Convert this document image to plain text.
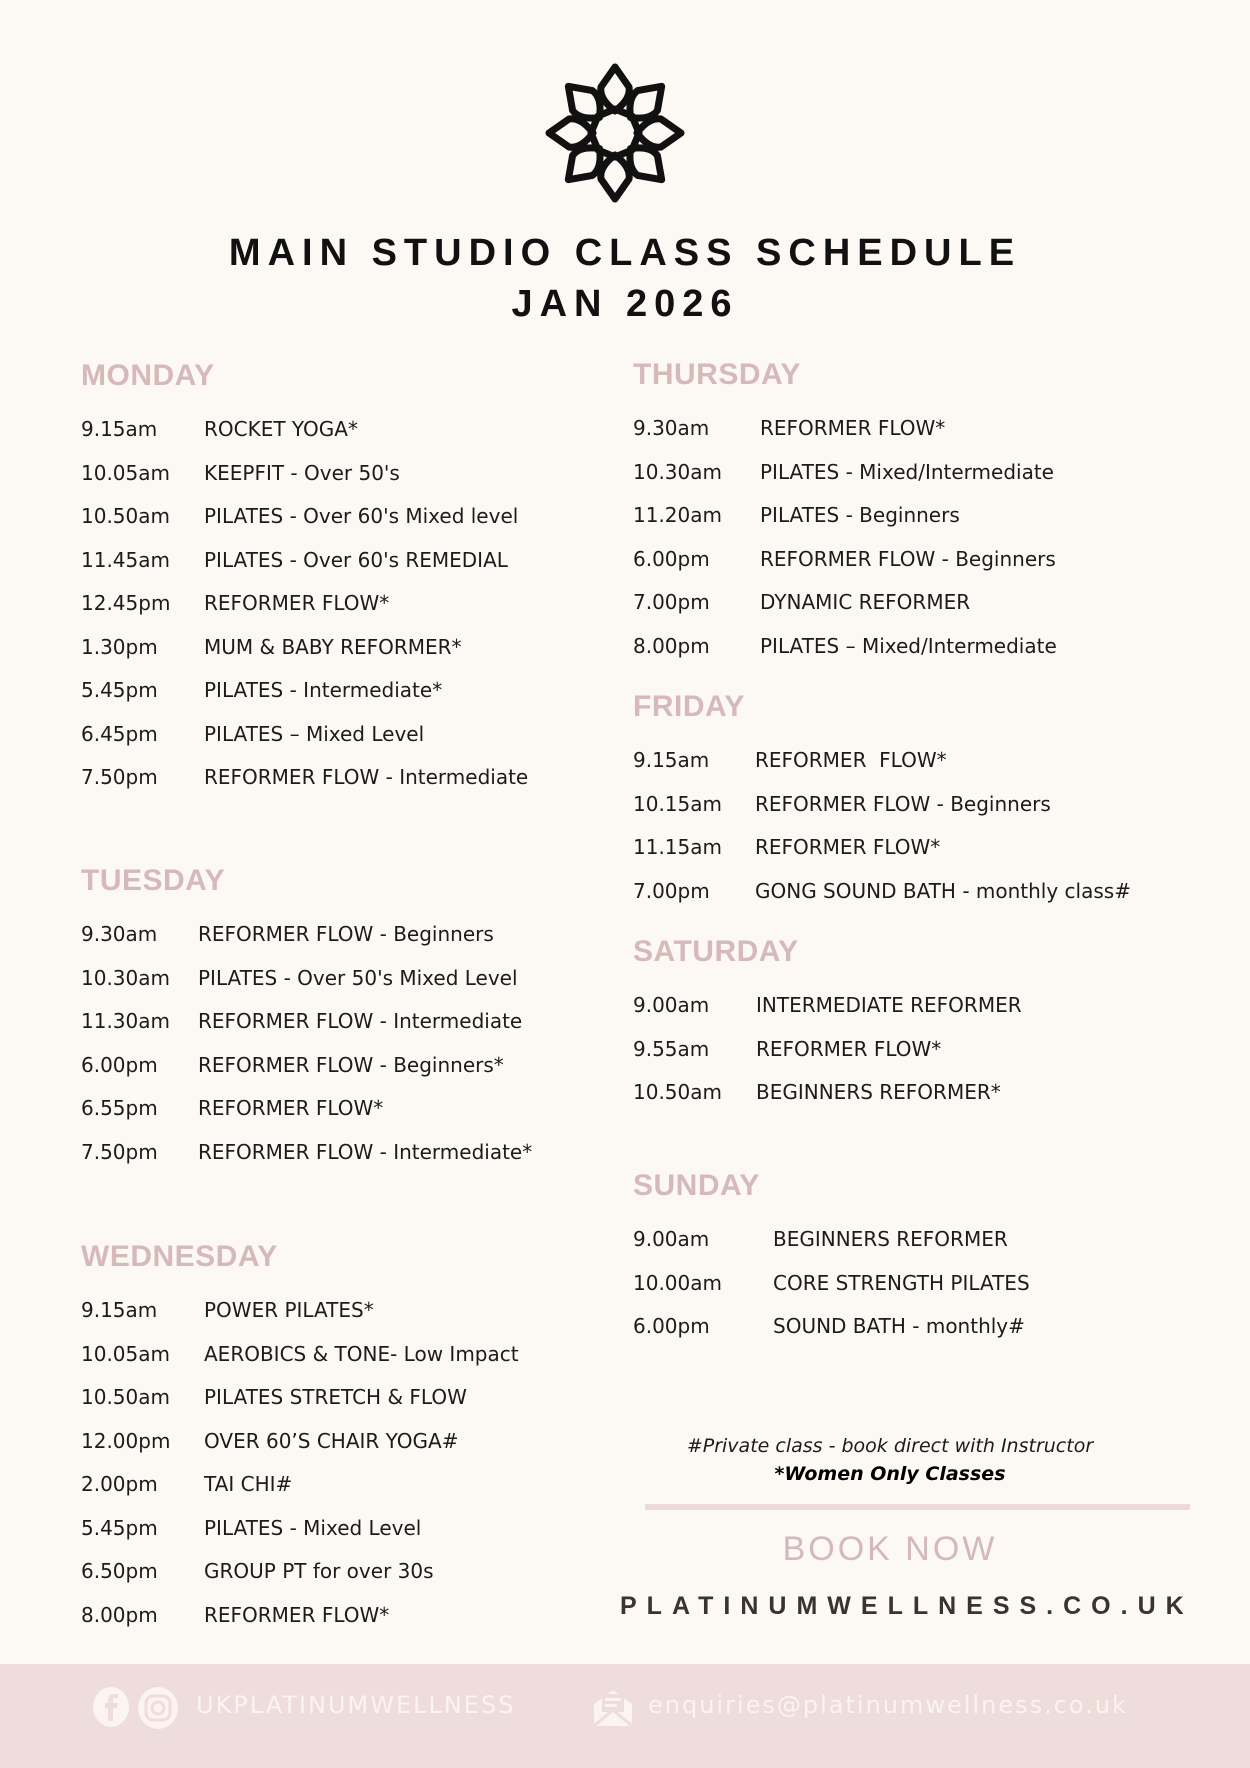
MAIN STUDIO CLASS SCHEDULE
JAN 2026
MONDAY
9.15am	ROCKET YOGA*
10.05am	KEEPFIT - Over 50's
10.50am	PILATES - Over 60's Mixed level
11.45am	PILATES - Over 60's REMEDIAL
12.45pm	REFORMER FLOW*
1.30pm	MUM & BABY REFORMER*
5.45pm	PILATES - Intermediate*
6.45pm	PILATES – Mixed Level
7.50pm	REFORMER FLOW - Intermediate
TUESDAY
9.30am	REFORMER FLOW - Beginners
10.30am	PILATES - Over 50's Mixed Level
11.30am	REFORMER FLOW - Intermediate
6.00pm	REFORMER FLOW - Beginners*
6.55pm	REFORMER FLOW*
7.50pm	REFORMER FLOW - Intermediate*
WEDNESDAY
9.15am	POWER PILATES*
10.05am	AEROBICS & TONE- Low Impact
10.50am	PILATES STRETCH & FLOW
12.00pm	OVER 60’S CHAIR YOGA#
2.00pm	TAI CHI#
5.45pm	PILATES - Mixed Level
6.50pm	GROUP PT for over 30s
8.00pm	REFORMER FLOW*
THURSDAY
9.30am	REFORMER FLOW*
10.30am	PILATES - Mixed/Intermediate
11.20am	PILATES - Beginners
6.00pm	REFORMER FLOW - Beginners
7.00pm	DYNAMIC REFORMER
8.00pm	PILATES – Mixed/Intermediate
FRIDAY
9.15am	REFORMER  FLOW*
10.15am	REFORMER FLOW - Beginners
11.15am	REFORMER FLOW*
7.00pm	GONG SOUND BATH - monthly class#
SATURDAY
9.00am	INTERMEDIATE REFORMER
9.55am	REFORMER FLOW*
10.50am	BEGINNERS REFORMER*
SUNDAY
9.00am	BEGINNERS REFORMER
10.00am	CORE STRENGTH PILATES
6.00pm	SOUND BATH - monthly#
#Private class - book direct with Instructor
*Women Only Classes
BOOK NOW
PLATINUMWELLNESS.CO.UK
UKPLATINUMWELLNESS	enquiries@platinumwellness.co.uk
